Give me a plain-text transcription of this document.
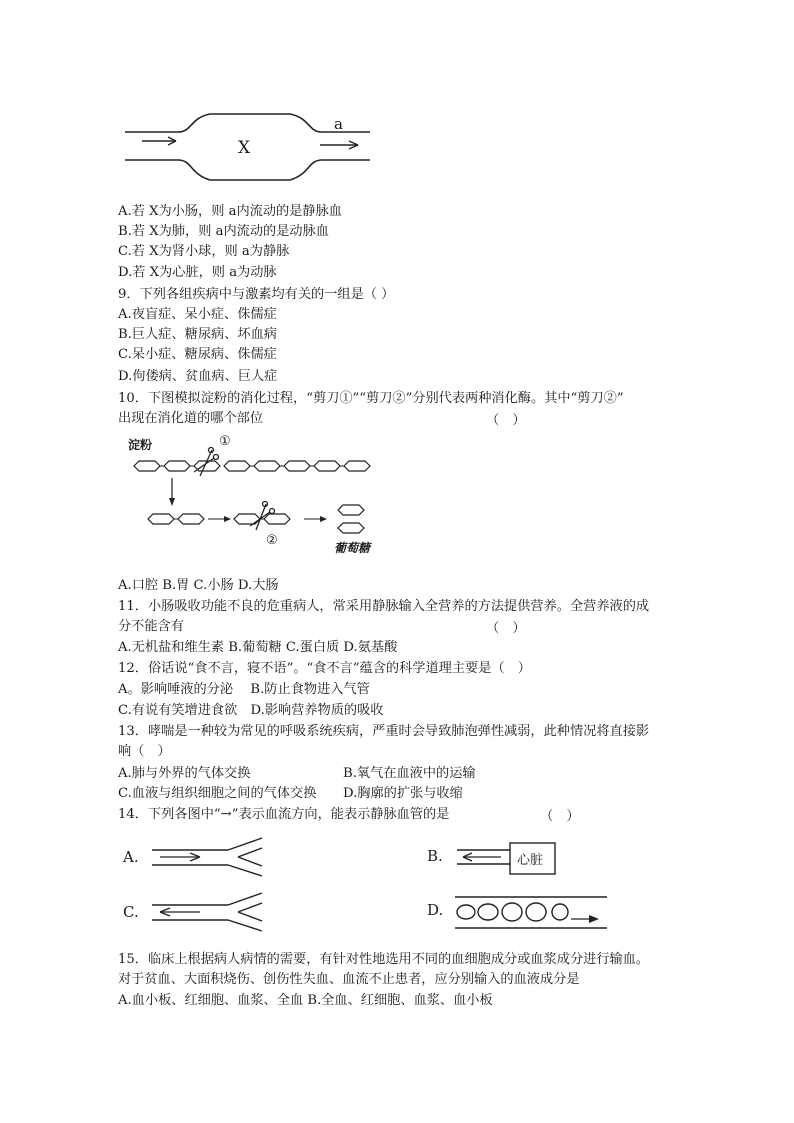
X
a
A.若 X为小肠，则 a内流动的是静脉血
B.若 X为肺，则 a内流动的是动脉血
C.若 X为肾小球，则 a为静脉
D.若 X为心脏，则 a为动脉
9．下列各组疾病中与激素均有关的一组是（ ）
A.夜盲症、呆小症、侏儒症
B.巨人症、糖尿病、坏血病
C.呆小症、糖尿病、侏儒症
D.佝偻病、贫血病、巨人症
10．下图模拟淀粉的消化过程，“剪刀①”“剪刀②”分别代表两种消化酶。其中“剪刀②”
出现在消化道的哪个部位	（　）
淀粉	①
②	葡萄糖
A.口腔 B.胃 C.小肠 D.大肠
11．小肠吸收功能不良的危重病人，常采用静脉输入全营养的方法提供营养。全营养液的成
分不能含有	（　）
A.无机盐和维生素 B.葡萄糖 C.蛋白质 D.氨基酸
12．俗话说“食不言，寝不语”。“食不言”蕴含的科学道理主要是（　）
A。影响唾液的分泌　 B.防止食物进入气管
C.有说有笑增进食欲　D.影响营养物质的吸收
13．哮喘是一种较为常见的呼吸系统疾病，严重时会导致肺泡弹性减弱，此种情况将直接影
响（　）
A.肺与外界的气体交换	B.氧气在血液中的运输
C.血液与组织细胞之间的气体交换 D.胸廓的扩张与收缩
14．下列各图中“→”表示血流方向，能表示静脉血管的是	（　）
A.	B.	心脏
C.	D.
15．临床上根据病人病情的需要，有针对性地选用不同的血细胞成分或血浆成分进行输血。
对于贫血、大面积烧伤、创伤性失血、血流不止患者，应分别输入的血液成分是
A.血小板、红细胞、血浆、全血 B.全血、红细胞、血浆、血小板
